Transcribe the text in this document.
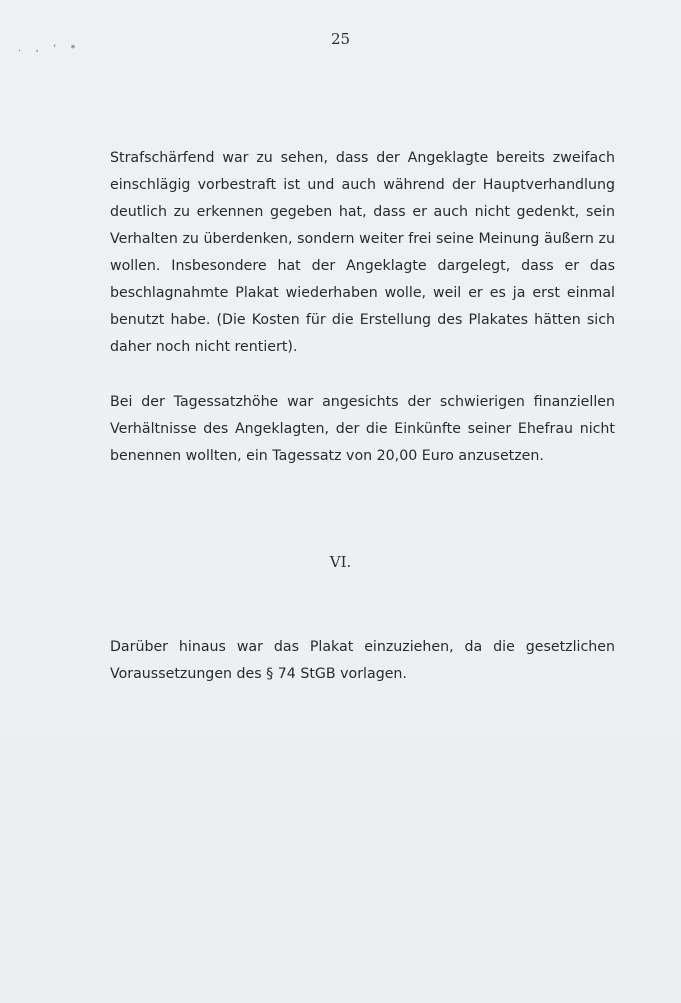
. , ' *
25

Strafschärfend war zu sehen, dass der Angeklagte bereits zweifach
einschlägig vorbestraft ist und auch während der Hauptverhandlung
deutlich zu erkennen gegeben hat, dass er auch nicht gedenkt, sein
Verhalten zu überdenken, sondern weiter frei seine Meinung äußern zu
wollen. Insbesondere hat der Angeklagte dargelegt, dass er das
beschlagnahmte Plakat wiederhaben wolle, weil er es ja erst einmal
benutzt habe. (Die Kosten für die Erstellung des Plakates hätten sich
daher noch nicht rentiert).

Bei der Tagessatzhöhe war angesichts der schwierigen finanziellen
Verhältnisse des Angeklagten, der die Einkünfte seiner Ehefrau nicht
benennen wollten, ein Tagessatz von 20,00 Euro anzusetzen.

VI.

Darüber hinaus war das Plakat einzuziehen, da die gesetzlichen
Voraussetzungen des § 74 StGB vorlagen.
